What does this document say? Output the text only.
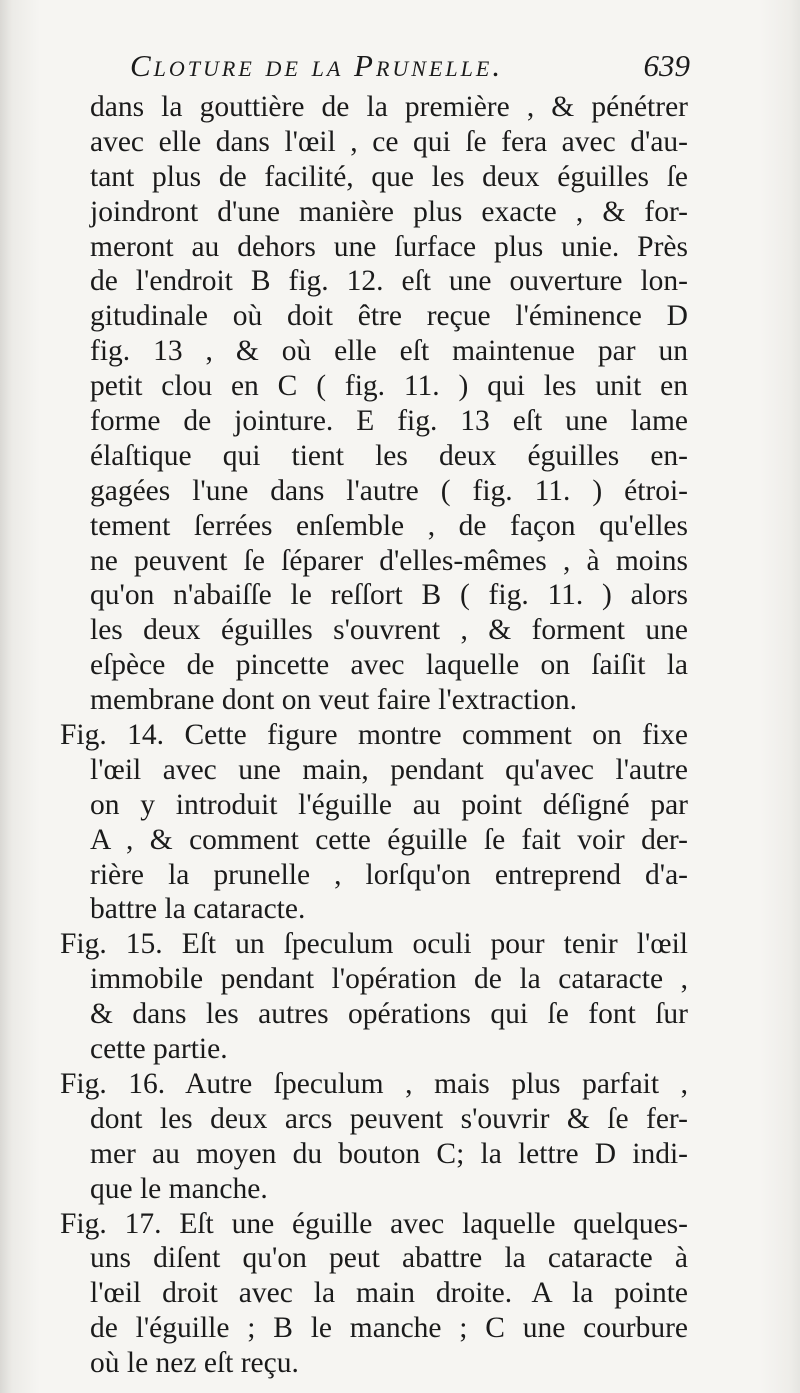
Cloture de la Prunelle.	639
dans la gouttière de la première , & pénétrer
avec elle dans l'œil , ce qui ſe fera avec d'au-
tant plus de facilité, que les deux éguilles ſe
joindront d'une manière plus exacte , & for-
meront au dehors une ſurface plus unie. Près
de l'endroit B fig. 12. eſt une ouverture lon-
gitudinale où doit être reçue l'éminence D
fig. 13 , & où elle eſt maintenue par un
petit clou en C ( fig. 11. ) qui les unit en
forme de jointure. E fig. 13 eſt une lame
élaſtique qui tient les deux éguilles en-
gagées l'une dans l'autre ( fig. 11. ) étroi-
tement ſerrées enſemble , de façon qu'elles
ne peuvent ſe ſéparer d'elles-mêmes , à moins
qu'on n'abaiſſe le reſſort B ( fig. 11. ) alors
les deux éguilles s'ouvrent , & forment une
eſpèce de pincette avec laquelle on ſaiſit la
membrane dont on veut faire l'extraction.
Fig. 14. Cette figure montre comment on fixe
l'œil avec une main, pendant qu'avec l'autre
on y introduit l'éguille au point déſigné par
A , & comment cette éguille ſe fait voir der-
rière la prunelle , lorſqu'on entreprend d'a-
battre la cataracte.
Fig. 15. Eſt un ſpeculum oculi pour tenir l'œil
immobile pendant l'opération de la cataracte ,
& dans les autres opérations qui ſe font ſur
cette partie.
Fig. 16. Autre ſpeculum , mais plus parfait ,
dont les deux arcs peuvent s'ouvrir & ſe fer-
mer au moyen du bouton C; la lettre D indi-
que le manche.
Fig. 17. Eſt une éguille avec laquelle quelques-
uns diſent qu'on peut abattre la cataracte à
l'œil droit avec la main droite. A la pointe
de l'éguille ; B le manche ; C une courbure
où le nez eſt reçu.
